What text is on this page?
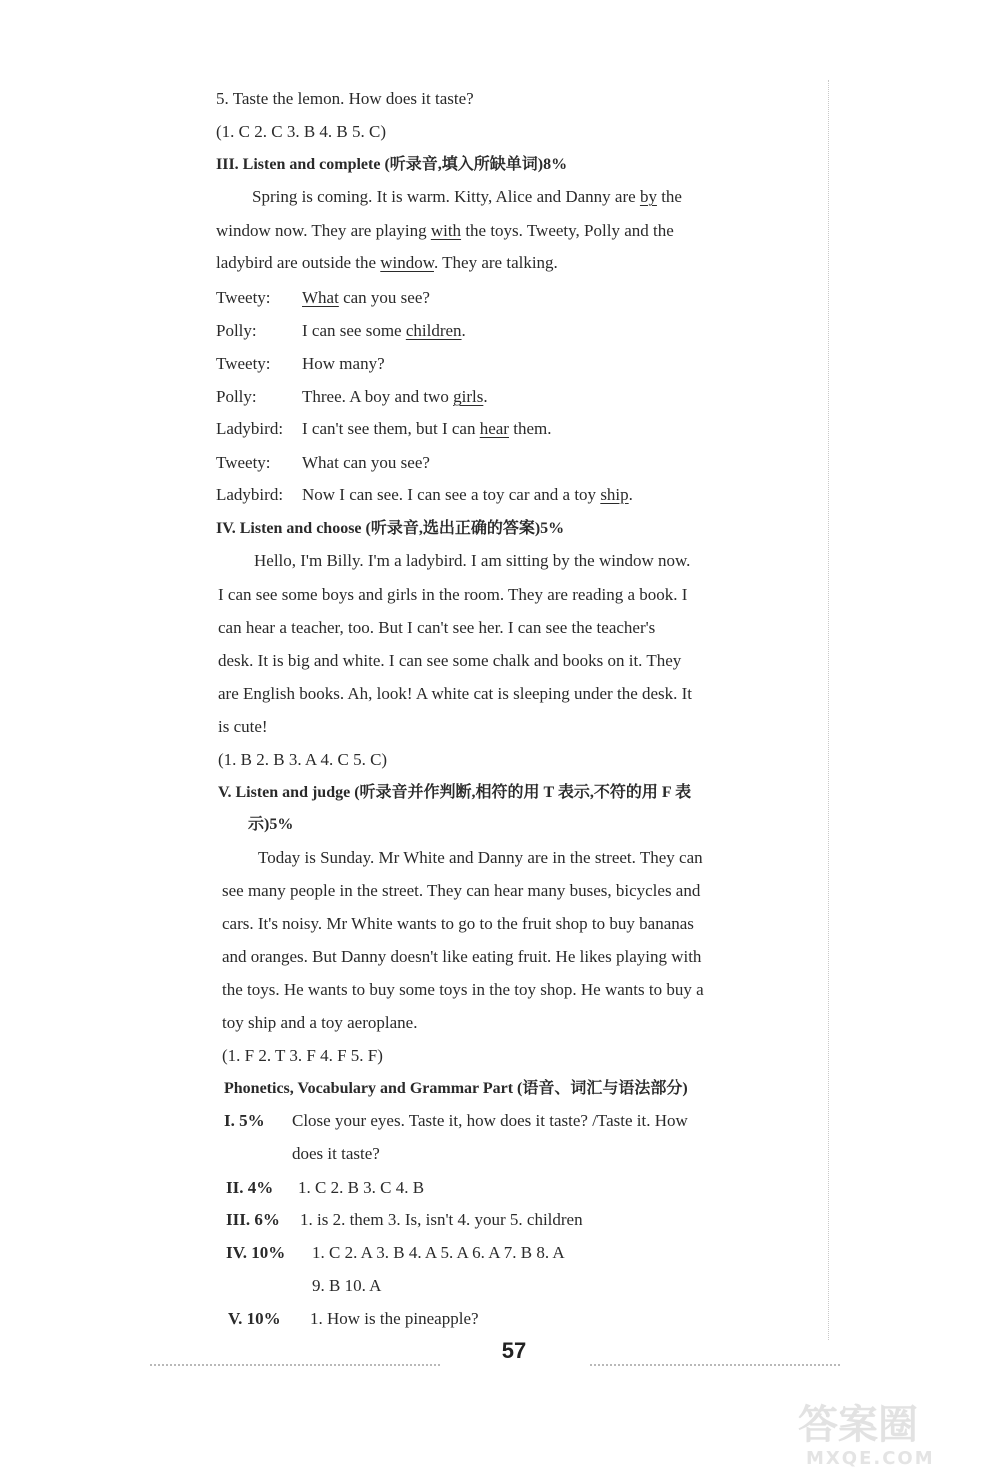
5. Taste the lemon. How does it taste?
(1. C 2. C 3. B 4. B 5. C)
III. Listen and complete (听录音,填入所缺单词)8%
Spring is coming. It is warm. Kitty, Alice and Danny are by the
window now. They are playing with the toys. Tweety, Polly and the
ladybird are outside the window. They are talking.
Tweety: What can you see?
Polly:	I can see some children.
Tweety: How many?
Polly:	Three. A boy and two girls.
Ladybird: I can't see them, but I can hear them.
Tweety: What can you see?
Ladybird: Now I can see. I can see a toy car and a toy ship.
IV. Listen and choose (听录音,选出正确的答案)5%
Hello, I'm Billy. I'm a ladybird. I am sitting by the window now.
I can see some boys and girls in the room. They are reading a book. I
can hear a teacher, too. But I can't see her. I can see the teacher's
desk. It is big and white. I can see some chalk and books on it. They
are English books. Ah, look! A white cat is sleeping under the desk. It
is cute!
(1. B 2. B 3. A 4. C 5. C)
V. Listen and judge (听录音并作判断,相符的用 T 表示,不符的用 F 表
示)5%
Today is Sunday. Mr White and Danny are in the street. They can
see many people in the street. They can hear many buses, bicycles and
cars. It's noisy. Mr White wants to go to the fruit shop to buy bananas
and oranges. But Danny doesn't like eating fruit. He likes playing with
the toys. He wants to buy some toys in the toy shop. He wants to buy a
toy ship and a toy aeroplane.
(1. F 2. T 3. F 4. F 5. F)
Phonetics, Vocabulary and Grammar Part (语音、词汇与语法部分)
I. 5% Close your eyes. Taste it, how does it taste? /Taste it. How
does it taste?
II. 4% 1. C 2. B 3. C 4. B
III. 6% 1. is 2. them 3. Is, isn't 4. your 5. children
IV. 10% 1. C 2. A 3. B 4. A 5. A 6. A 7. B 8. A
9. B 10. A
V. 10% 1. How is the pineapple?
57
答案圈
MXQE.COM
